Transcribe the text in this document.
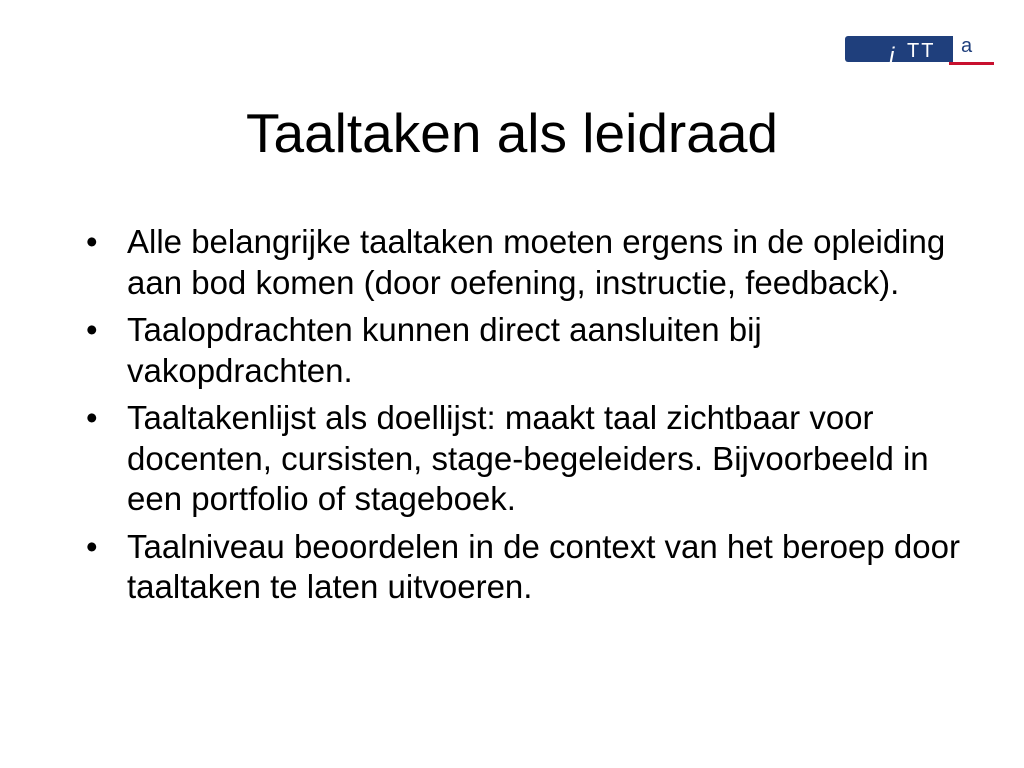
i TT a
Taaltaken als leidraad
• Alle belangrijke taaltaken moeten ergens in de opleiding aan bod komen (door oefening, instructie, feedback).
• Taalopdrachten kunnen direct aansluiten bij vakopdrachten.
• Taaltakenlijst als doellijst: maakt taal zichtbaar voor docenten, cursisten, stage-begeleiders. Bijvoorbeeld in een portfolio of stageboek.
• Taalniveau beoordelen in de context van het beroep door taaltaken te laten uitvoeren.
